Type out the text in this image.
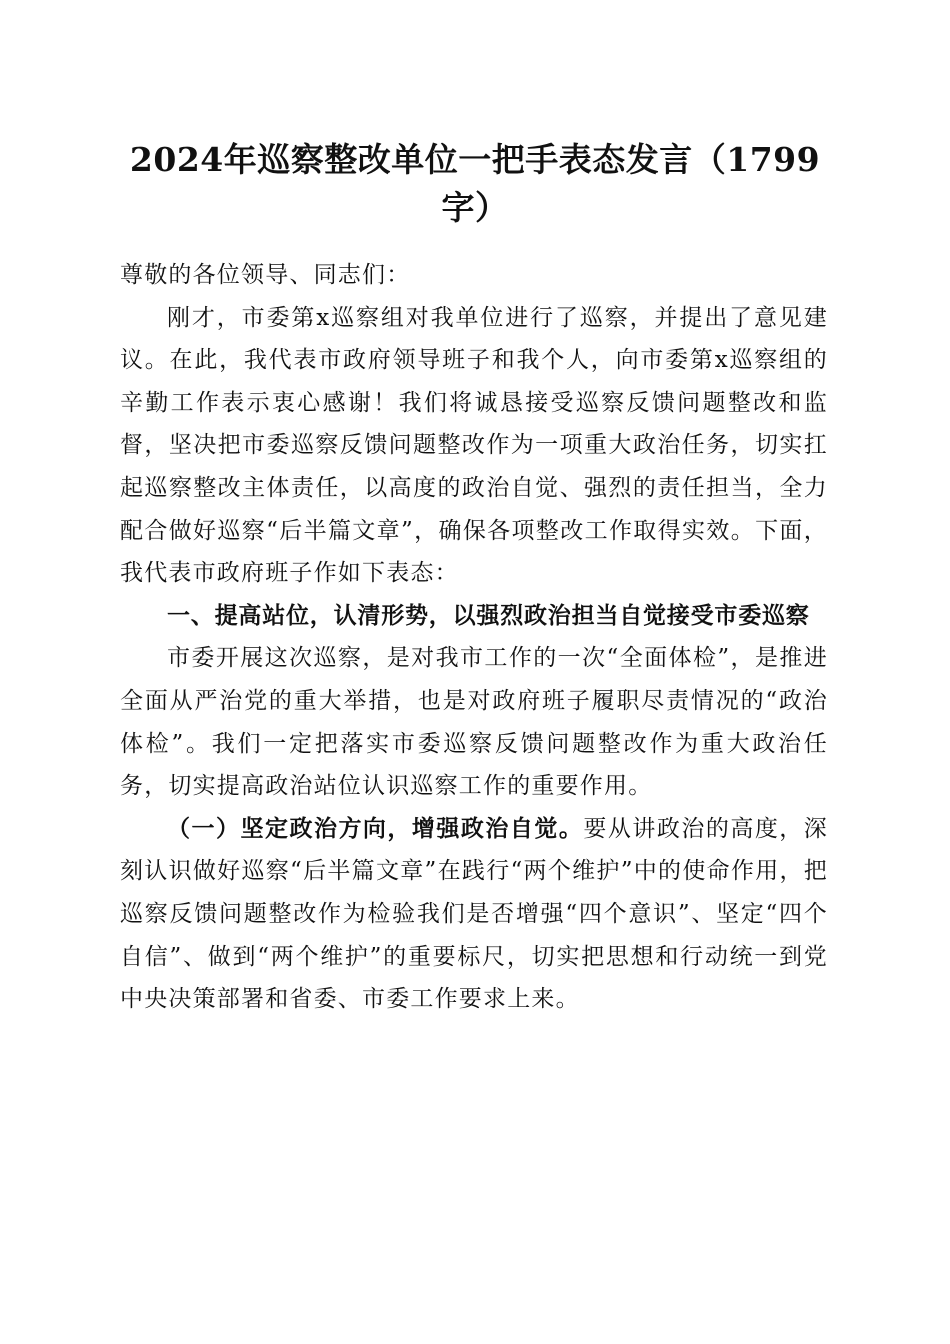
2024年巡察整改单位一把手表态发言（1799字）

尊敬的各位领导、同志们：

刚才，市委第x巡察组对我单位进行了巡察，并提出了意见建议。在此，我代表市政府领导班子和我个人，向市委第x巡察组的辛勤工作表示衷心感谢！我们将诚恳接受巡察反馈问题整改和监督，坚决把市委巡察反馈问题整改作为一项重大政治任务，切实扛起巡察整改主体责任，以高度的政治自觉、强烈的责任担当，全力配合做好巡察“后半篇文章”，确保各项整改工作取得实效。下面，我代表市政府班子作如下表态：

一、提高站位，认清形势，以强烈政治担当自觉接受市委巡察

市委开展这次巡察，是对我市工作的一次“全面体检”，是推进全面从严治党的重大举措，也是对政府班子履职尽责情况的“政治体检”。我们一定把落实市委巡察反馈问题整改作为重大政治任务，切实提高政治站位认识巡察工作的重要作用。

（一）坚定政治方向，增强政治自觉。要从讲政治的高度，深刻认识做好巡察“后半篇文章”在践行“两个维护”中的使命作用，把巡察反馈问题整改作为检验我们是否增强“四个意识”、坚定“四个自信”、做到“两个维护”的重要标尺，切实把思想和行动统一到党中央决策部署和省委、市委工作要求上来。
